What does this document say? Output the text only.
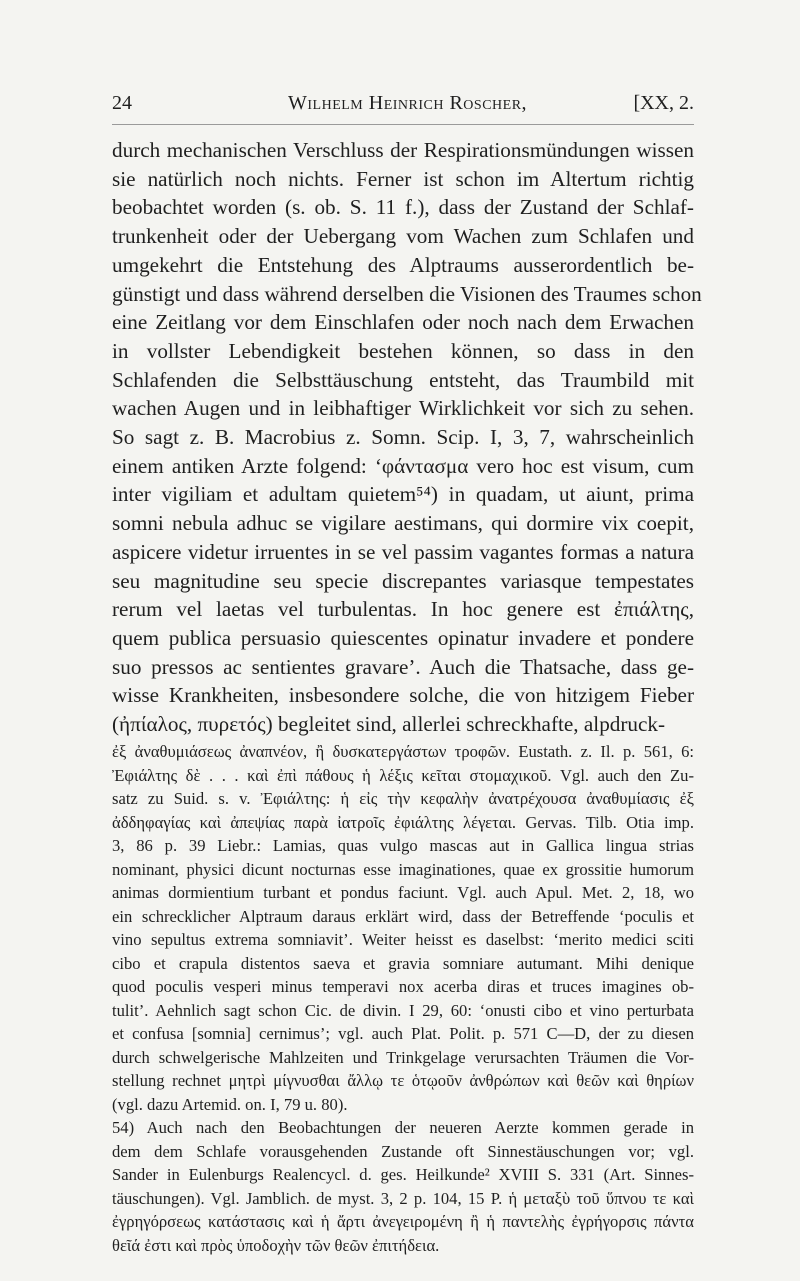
24	Wilhelm Heinrich Roscher,	[XX, 2.
durch mechanischen Verschluss der Respirationsmündungen wissen
sie natürlich noch nichts. Ferner ist schon im Altertum richtig
beobachtet worden (s. ob. S. 11 f.), dass der Zustand der Schlaf-
trunkenheit oder der Uebergang vom Wachen zum Schlafen und
umgekehrt die Entstehung des Alptraums ausserordentlich be-
günstigt und dass während derselben die Visionen des Traumes schon
eine Zeitlang vor dem Einschlafen oder noch nach dem Erwachen
in vollster Lebendigkeit bestehen können, so dass in den
Schlafenden die Selbsttäuschung entsteht, das Traumbild mit
wachen Augen und in leibhaftiger Wirklichkeit vor sich zu sehen.
So sagt z. B. Macrobius z. Somn. Scip. I, 3, 7, wahrscheinlich
einem antiken Arzte folgend: ‘φάντασμα vero hoc est visum, cum
inter vigiliam et adultam quietem⁵⁴) in quadam, ut aiunt, prima
somni nebula adhuc se vigilare aestimans, qui dormire vix coepit,
aspicere videtur irruentes in se vel passim vagantes formas a natura
seu magnitudine seu specie discrepantes variasque tempestates
rerum vel laetas vel turbulentas. In hoc genere est ἐπιάλτης,
quem publica persuasio quiescentes opinatur invadere et pondere
suo pressos ac sentientes gravare’. Auch die Thatsache, dass ge-
wisse Krankheiten, insbesondere solche, die von hitzigem Fieber
(ἠπίαλος, πυρετός) begleitet sind, allerlei schreckhafte, alpdruck-
ἐξ ἀναθυμιάσεως ἀναπνέον, ἢ δυσκατεργάστων τροφῶν. Eustath. z. Il. p. 561, 6:
Ἐφιάλτης δὲ . . . καὶ ἐπὶ πάθους ἡ λέξις κεῖται στομαχικοῦ. Vgl. auch den Zu-
satz zu Suid. s. v. Ἐφιάλτης: ἡ εἰς τὴν κεφαλὴν ἀνατρέχουσα ἀναθυμίασις ἐξ
ἀδδηφαγίας καὶ ἀπεψίας παρὰ ἰατροῖς ἐφιάλτης λέγεται. Gervas. Tilb. Otia imp.
3, 86 p. 39 Liebr.: Lamias, quas vulgo mascas aut in Gallica lingua strias
nominant, physici dicunt nocturnas esse imaginationes, quae ex grossitie humorum
animas dormientium turbant et pondus faciunt. Vgl. auch Apul. Met. 2, 18, wo
ein schrecklicher Alptraum daraus erklärt wird, dass der Betreffende ‘poculis et
vino sepultus extrema somniavit’. Weiter heisst es daselbst: ‘merito medici sciti
cibo et crapula distentos saeva et gravia somniare autumant. Mihi denique
quod poculis vesperi minus temperavi nox acerba diras et truces imagines ob-
tulit’. Aehnlich sagt schon Cic. de divin. I 29, 60: ‘onusti cibo et vino perturbata
et confusa [somnia] cernimus’; vgl. auch Plat. Polit. p. 571 C—D, der zu diesen
durch schwelgerische Mahlzeiten und Trinkgelage verursachten Träumen die Vor-
stellung rechnet μητρὶ μίγνυσθαι ἄλλῳ τε ὁτῳοῦν ἀνθρώπων καὶ θεῶν καὶ θηρίων
(vgl. dazu Artemid. on. I, 79 u. 80).
54) Auch nach den Beobachtungen der neueren Aerzte kommen gerade in
dem dem Schlafe vorausgehenden Zustande oft Sinnestäuschungen vor; vgl.
Sander in Eulenburgs Realencycl. d. ges. Heilkunde² XVIII S. 331 (Art. Sinnes-
täuschungen). Vgl. Jamblich. de myst. 3, 2 p. 104, 15 P. ἡ μεταξὺ τοῦ ὕπνου τε καὶ
ἐγρηγόρσεως κατάστασις καὶ ἡ ἄρτι ἀνεγειρομένη ἢ ἡ παντελὴς ἐγρήγορσις πάντα
θεῖά ἐστι καὶ πρὸς ὑποδοχὴν τῶν θεῶν ἐπιτήδεια.
